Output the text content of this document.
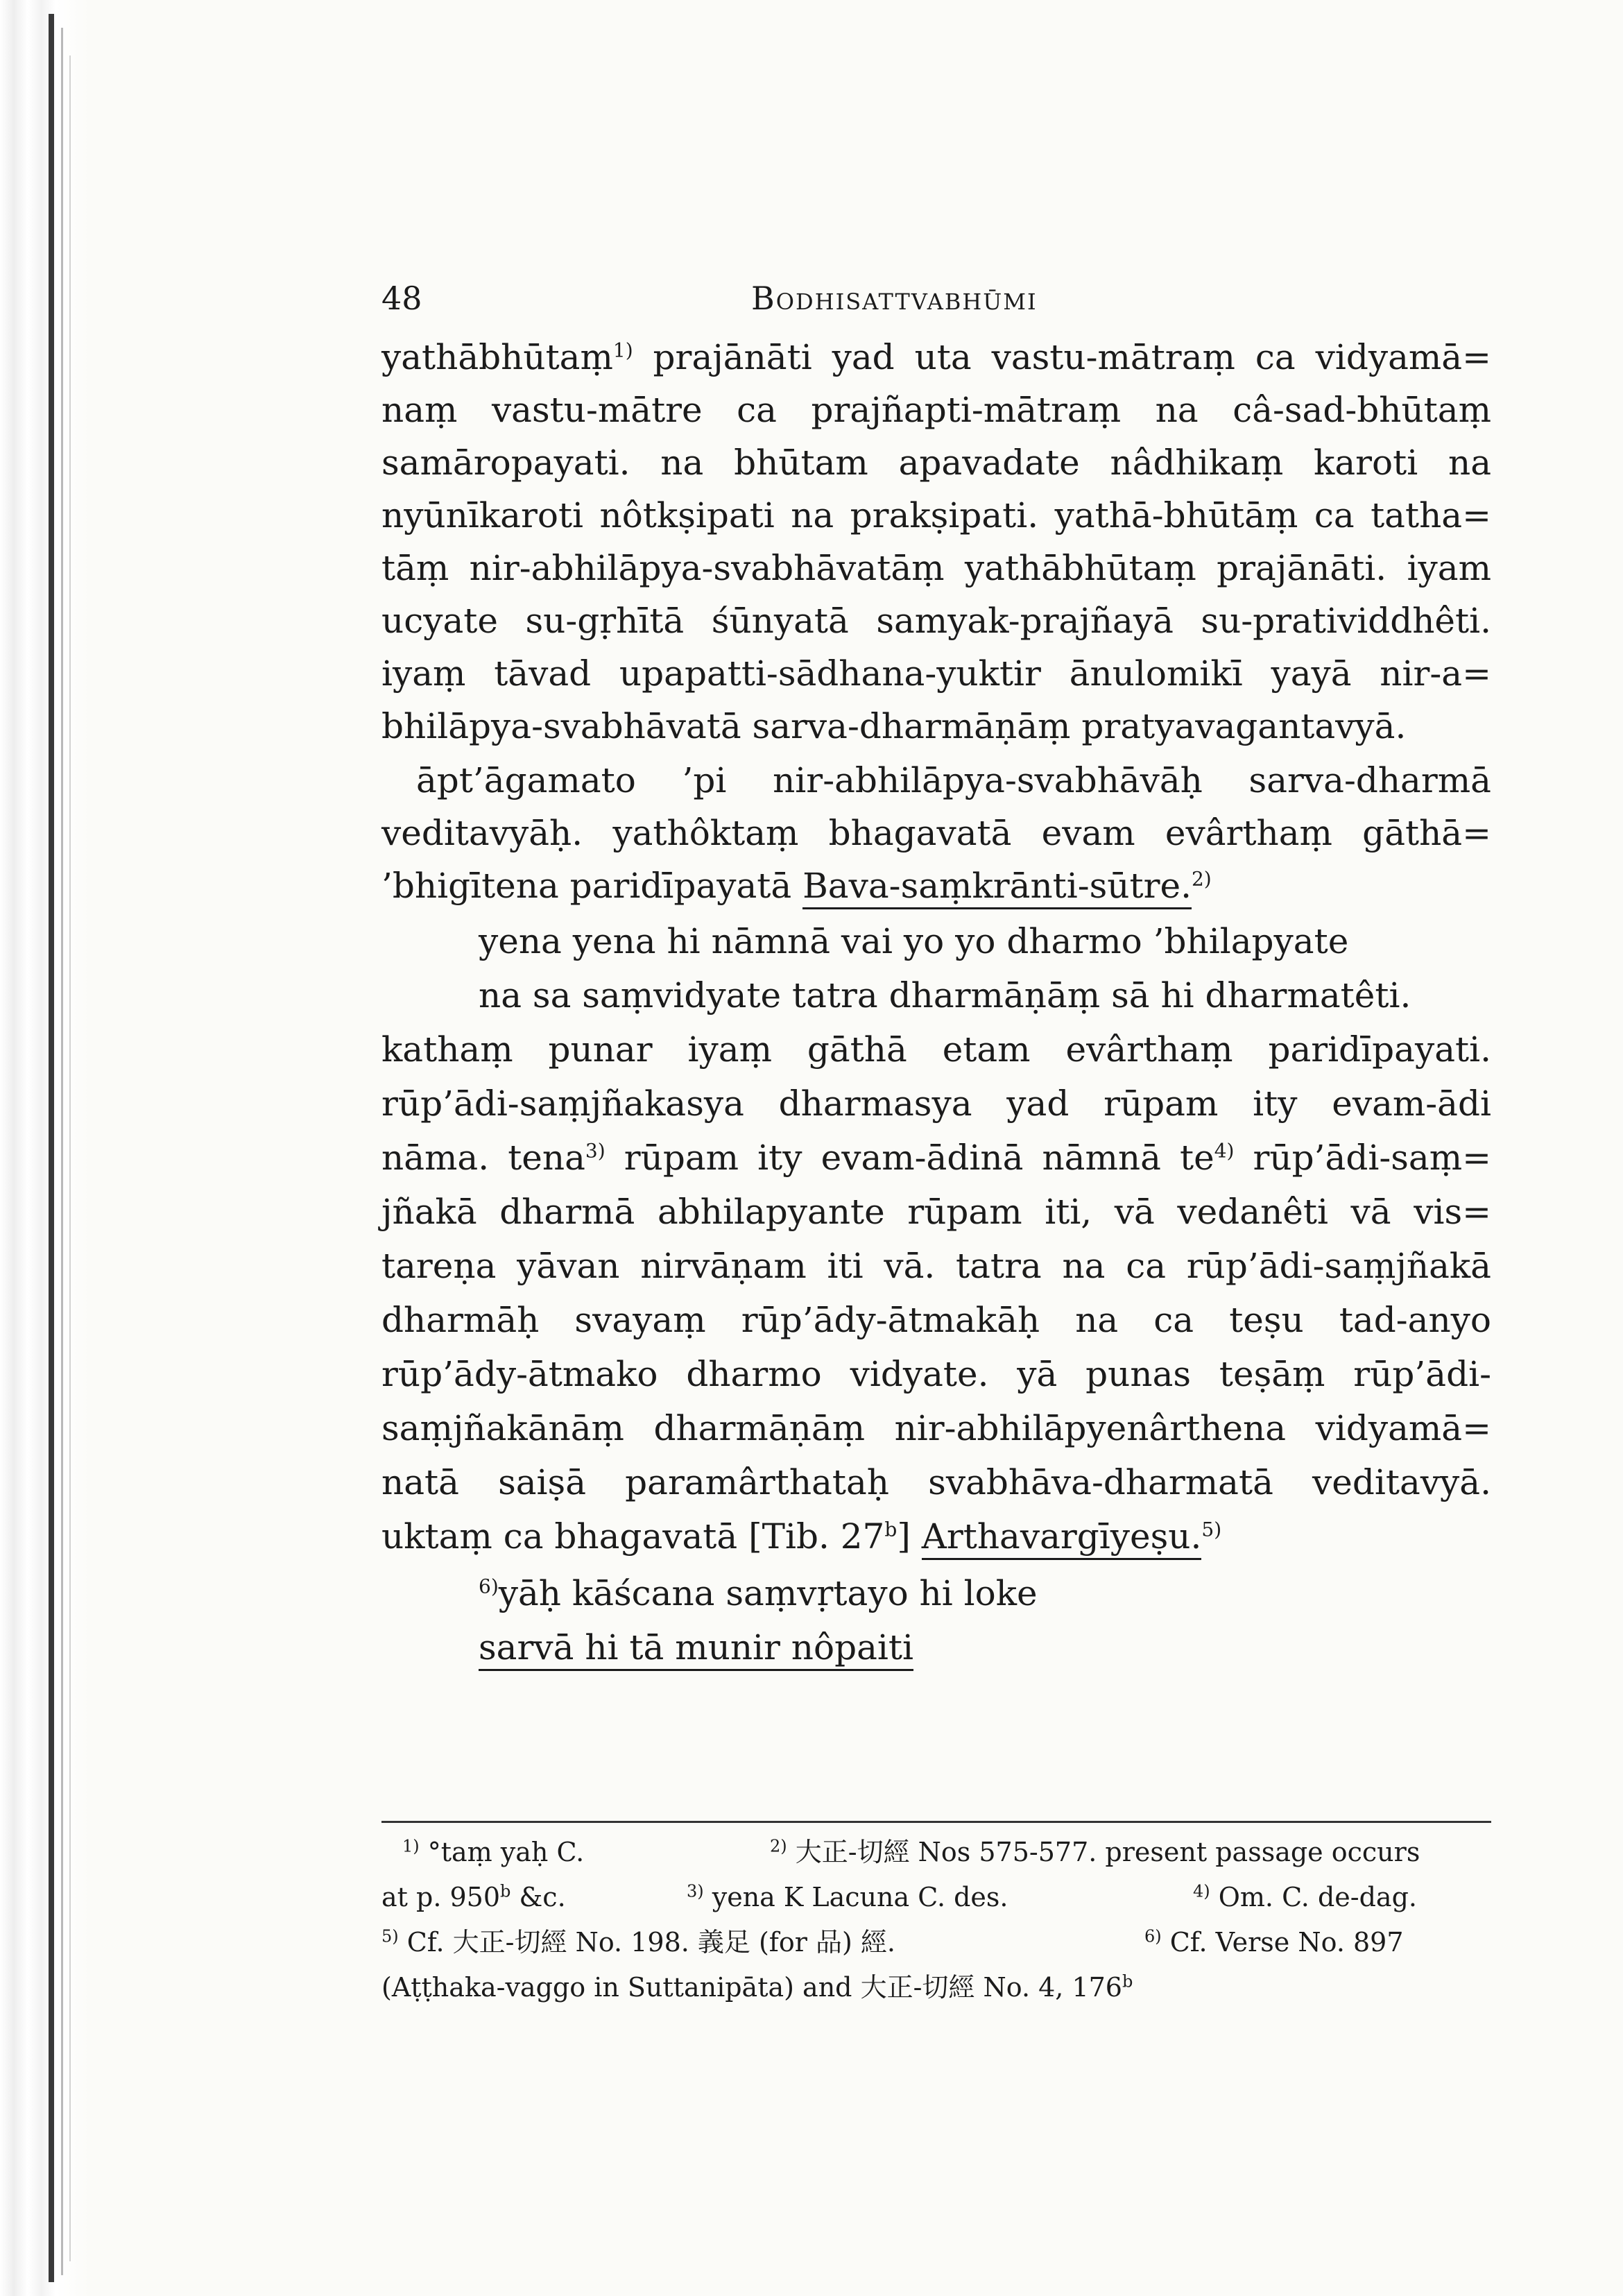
48	Bodhisattvabhūmi
yathābhūtaṃ$^{1)}$ prajānāti yad uta vastu-mātraṃ ca vidyamā=
naṃ vastu-mātre ca prajñapti-mātraṃ na câ-sad-bhūtaṃ
samāropayati. na bhūtam apavadate nâdhikaṃ karoti na
nyūnīkaroti nôtkṣipati na prakṣipati. yathā-bhūtāṃ ca tatha=
tāṃ nir-abhilāpya-svabhāvatāṃ yathābhūtaṃ prajānāti. iyam
ucyate su-gṛhītā śūnyatā samyak-prajñayā su-pratividdhêti.
iyaṃ tāvad upapatti-sādhana-yuktir ānulomikī yayā nir-a=
bhilāpya-svabhāvatā sarva-dharmāṇāṃ pratyavagantavyā.
āpt’āgamato ’pi nir-abhilāpya-svabhāvāḥ sarva-dharmā
veditavyāḥ. yathôktaṃ bhagavatā evam evârthaṃ gāthā=
’bhigītena paridīpayatā Bava-saṃkrānti-sūtre.$^{2)}$
yena yena hi nāmnā vai yo yo dharmo ’bhilapyate
na sa saṃvidyate tatra dharmāṇāṃ sā hi dharmatêti.
kathaṃ punar iyaṃ gāthā etam evârthaṃ paridīpayati.
rūp’ādi-saṃjñakasya dharmasya yad rūpam ity evam-ādi
nāma. tena$^{3)}$ rūpam ity evam-ādinā nāmnā $te^{4)}$ rūp’ādi-saṃ=
jñakā dharmā abhilapyante rūpam iti, vā vedanêti vā vis=
tareṇa yāvan nirvāṇam iti vā. tatra na ca rūp’ādi-saṃjñakā
dharmāḥ svayaṃ rūp’ādy-ātmakāḥ na ca teṣu tad-anyo
rūp’ādy-ātmako dharmo vidyate. yā punas teṣāṃ rūp’ādi-
saṃjñakānāṃ dharmāṇāṃ nir-abhilāpyenârthena vidyamā=
natā saiṣā paramârthataḥ svabhāva-dharmatā veditavyā.
uktaṃ ca bhagavatā [Tib. 27$^b$] Arthavargīyeṣu.$^{5)}$
$^{6)}$yāḥ kāścana saṃvṛtayo hi loke
sarvā hi tā munir nôpaiti
$^{1)}$ °taṃ yaḥ C.	$^{2)}$ 大正-切經 Nos 575-577. present passage occurs
at p. 950$^b$ &c.	$^{3)}$ yena K Lacuna C. des.	$^{4)}$ Om. C. de-dag.
$^{5)}$ Cf. 大正-切經 No. 198. 義足 (for 品) 經.	$^{6)}$ Cf. Verse No. 897
(Aṭṭhaka-vaggo in Suttanipāta) and 大正-切經 No. 4, 176$^b$
